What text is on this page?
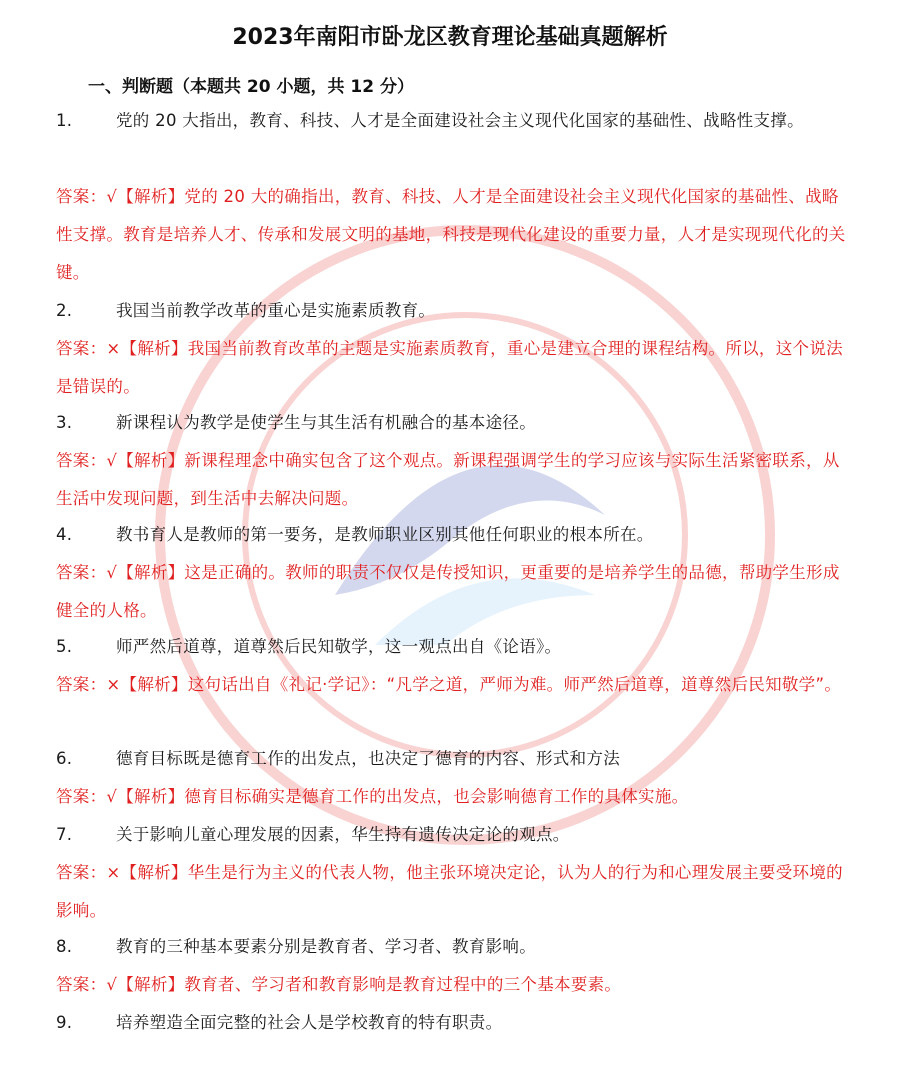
2023年南阳市卧龙区教育理论基础真题解析
一、判断题（本题共 20 小题，共 12 分）
1.	党的 20 大指出，教育、科技、人才是全面建设社会主义现代化国家的基础性、战略性支撑。
答案：√【解析】党的 20 大的确指出，教育、科技、人才是全面建设社会主义现代化国家的基础性、战略性支撑。教育是培养人才、传承和发展文明的基地，科技是现代化建设的重要力量，人才是实现现代化的关键。
2.	我国当前教学改革的重心是实施素质教育。
答案：×【解析】我国当前教育改革的主题是实施素质教育，重心是建立合理的课程结构。所以，这个说法是错误的。
3.	新课程认为教学是使学生与其生活有机融合的基本途径。
答案：√【解析】新课程理念中确实包含了这个观点。新课程强调学生的学习应该与实际生活紧密联系，从生活中发现问题，到生活中去解决问题。
4.	教书育人是教师的第一要务，是教师职业区别其他任何职业的根本所在。
答案：√【解析】这是正确的。教师的职责不仅仅是传授知识，更重要的是培养学生的品德，帮助学生形成健全的人格。
5.	师严然后道尊，道尊然后民知敬学，这一观点出自《论语》。
答案：×【解析】这句话出自《礼记·学记》：“凡学之道，严师为难。师严然后道尊，道尊然后民知敬学”。
6.	德育目标既是德育工作的出发点，也决定了德育的内容、形式和方法
答案：√【解析】德育目标确实是德育工作的出发点，也会影响德育工作的具体实施。
7.	关于影响儿童心理发展的因素，华生持有遗传决定论的观点。
答案：×【解析】华生是行为主义的代表人物，他主张环境决定论，认为人的行为和心理发展主要受环境的影响。
8.	教育的三种基本要素分别是教育者、学习者、教育影响。
答案：√【解析】教育者、学习者和教育影响是教育过程中的三个基本要素。
9.	培养塑造全面完整的社会人是学校教育的特有职责。
